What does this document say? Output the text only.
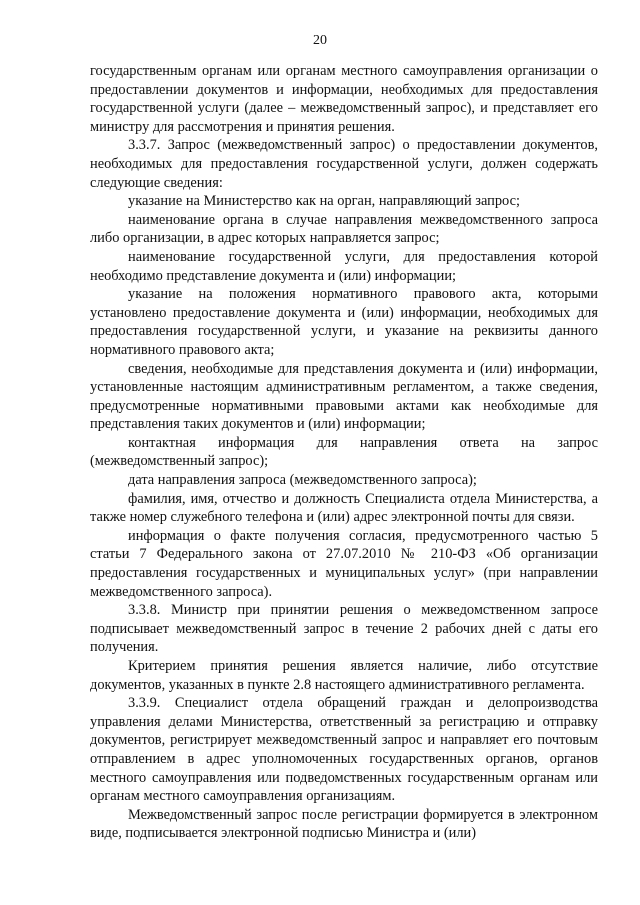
20

государственным органам или органам местного самоуправления организации о предоставлении документов и информации, необходимых для предоставления государственной услуги (далее – межведомственный запрос), и представляет его министру для рассмотрения и принятия решения.

3.3.7. Запрос (межведомственный запрос) о предоставлении документов, необходимых для предоставления государственной услуги, должен содержать следующие сведения:

указание на Министерство как на орган, направляющий запрос;

наименование органа в случае направления межведомственного запроса либо организации, в адрес которых направляется запрос;

наименование государственной услуги, для предоставления которой необходимо представление документа и (или) информации;

указание на положения нормативного правового акта, которыми установлено предоставление документа и (или) информации, необходимых для предоставления государственной услуги, и указание на реквизиты данного нормативного правового акта;

сведения, необходимые для представления документа и (или) информации, установленные настоящим административным регламентом, а также сведения, предусмотренные нормативными правовыми актами как необходимые для представления таких документов и (или) информации;

контактная информация для направления ответа на запрос (межведомственный запрос);

дата направления запроса (межведомственного запроса);

фамилия, имя, отчество и должность Специалиста отдела Министерства, а также номер служебного телефона и (или) адрес электронной почты для связи.

информация о факте получения согласия, предусмотренного частью 5 статьи 7 Федерального закона от 27.07.2010 № 210-ФЗ «Об организации предоставления государственных и муниципальных услуг» (при направлении межведомственного запроса).

3.3.8. Министр при принятии решения о межведомственном запросе подписывает межведомственный запрос в течение 2 рабочих дней с даты его получения.

Критерием принятия решения является наличие, либо отсутствие документов, указанных в пункте 2.8 настоящего административного регламента.

3.3.9. Специалист отдела обращений граждан и делопроизводства управления делами Министерства, ответственный за регистрацию и отправку документов, регистрирует межведомственный запрос и направляет его почтовым отправлением в адрес уполномоченных государственных органов, органов местного самоуправления или подведомственных государственным органам или органам местного самоуправления организациям.

Межведомственный запрос после регистрации формируется в электронном виде, подписывается электронной подписью Министра и (или)
